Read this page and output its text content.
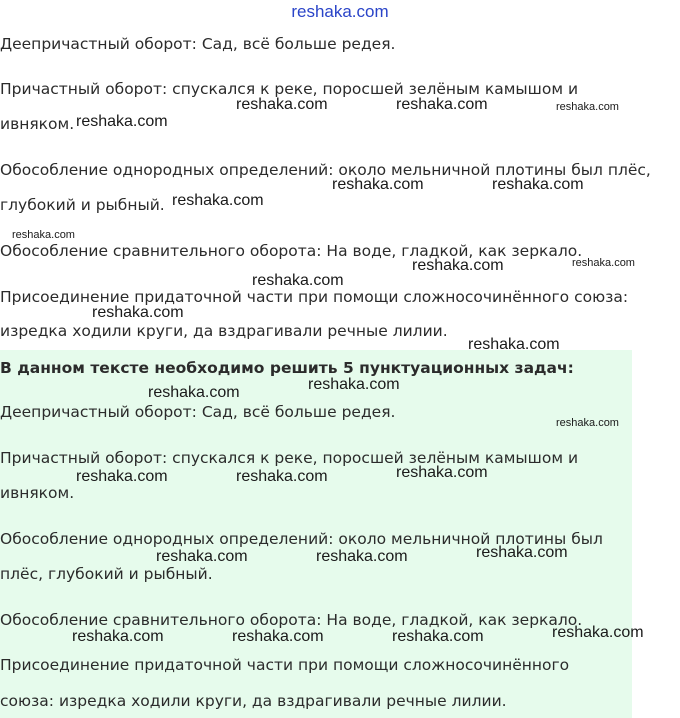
reshaka.com

Деепричастный оборот: Сад, всё больше редея.

Причастный оборот: спускался к реке, поросшей зелёным камышом и

ивняком.

Обособление однородных определений: около мельничной плотины был плёс,

глубокий и рыбный.

Обособление сравнительного оборота: На воде, гладкой, как зеркало.

Присоединение придаточной части при помощи сложносочинённого союза:

изредка ходили круги, да вздрагивали речные лилии.

В данном тексте необходимо решить 5 пунктуационных задач:

Деепричастный оборот: Сад, всё больше редея.

Причастный оборот: спускался к реке, поросшей зелёным камышом и

ивняком.

Обособление однородных определений: около мельничной плотины был

плёс, глубокий и рыбный.

Обособление сравнительного оборота: На воде, гладкой, как зеркало.

Присоединение придаточной части при помощи сложносочинённого

союза: изредка ходили круги, да вздрагивали речные лилии.

reshaka.com	reshaka.com	reshaka.com
reshaka.com
reshaka.com	reshaka.com
reshaka.com
reshaka.com
reshaka.com	reshaka.com
reshaka.com
reshaka.com
reshaka.com
reshaka.com
reshaka.com
reshaka.com
reshaka.com
reshaka.com	reshaka.com
reshaka.com
reshaka.com	reshaka.com
reshaka.com
reshaka.com	reshaka.com	reshaka.com
